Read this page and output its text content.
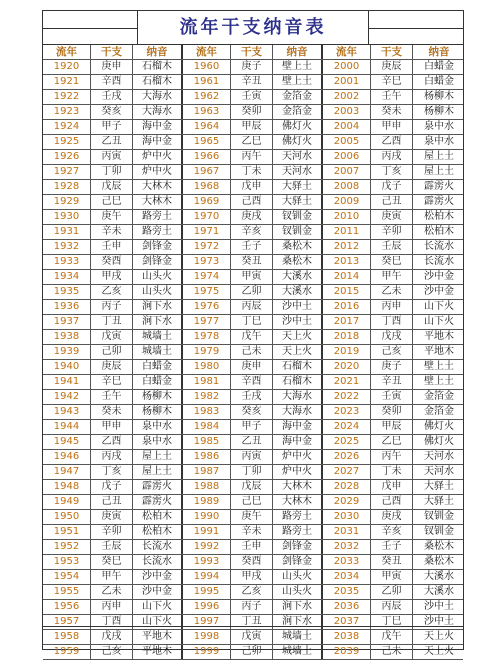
流年干支纳音表
流年	干支	纳音	流年	干支	纳音	流年	干支	纳音
1920	庚申	石榴木	1960	庚子	壁上土	2000	庚辰	白蜡金
1921	辛酉	石榴木	1961	辛丑	壁上土	2001	辛巳	白蜡金
1922	壬戌	大海水	1962	壬寅	金箔金	2002	壬午	杨柳木
1923	癸亥	大海水	1963	癸卯	金箔金	2003	癸未	杨柳木
1924	甲子	海中金	1964	甲辰	佛灯火	2004	甲申	泉中水
1925	乙丑	海中金	1965	乙巳	佛灯火	2005	乙酉	泉中水
1926	丙寅	炉中火	1966	丙午	天河水	2006	丙戌	屋上土
1927	丁卯	炉中火	1967	丁未	天河水	2007	丁亥	屋上土
1928	戊辰	大林木	1968	戊申	大驿土	2008	戊子	霹雳火
1929	己巳	大林木	1969	己酉	大驿土	2009	己丑	霹雳火
1930	庚午	路旁土	1970	庚戌	钗钏金	2010	庚寅	松柏木
1931	辛未	路旁土	1971	辛亥	钗钏金	2011	辛卯	松柏木
1932	壬申	剑锋金	1972	壬子	桑松木	2012	壬辰	长流水
1933	癸酉	剑锋金	1973	癸丑	桑松木	2013	癸巳	长流水
1934	甲戌	山头火	1974	甲寅	大溪水	2014	甲午	沙中金
1935	乙亥	山头火	1975	乙卯	大溪水	2015	乙未	沙中金
1936	丙子	涧下水	1976	丙辰	沙中土	2016	丙申	山下火
1937	丁丑	涧下水	1977	丁巳	沙中土	2017	丁酉	山下火
1938	戊寅	城墙土	1978	戊午	天上火	2018	戊戌	平地木
1939	己卯	城墙土	1979	己未	天上火	2019	己亥	平地木
1940	庚辰	白蜡金	1980	庚申	石榴木	2020	庚子	壁上土
1941	辛巳	白蜡金	1981	辛酉	石榴木	2021	辛丑	壁上土
1942	壬午	杨柳木	1982	壬戌	大海水	2022	壬寅	金箔金
1943	癸未	杨柳木	1983	癸亥	大海水	2023	癸卯	金箔金
1944	甲申	泉中水	1984	甲子	海中金	2024	甲辰	佛灯火
1945	乙酉	泉中水	1985	乙丑	海中金	2025	乙巳	佛灯火
1946	丙戌	屋上土	1986	丙寅	炉中火	2026	丙午	天河水
1947	丁亥	屋上土	1987	丁卯	炉中火	2027	丁未	天河水
1948	戊子	霹雳火	1988	戊辰	大林木	2028	戊申	大驿土
1949	己丑	霹雳火	1989	己巳	大林木	2029	己酉	大驿土
1950	庚寅	松柏木	1990	庚午	路旁土	2030	庚戌	钗钏金
1951	辛卯	松柏木	1991	辛未	路旁土	2031	辛亥	钗钏金
1952	壬辰	长流水	1992	壬申	剑锋金	2032	壬子	桑松木
1953	癸巳	长流水	1993	癸酉	剑锋金	2033	癸丑	桑松木
1954	甲午	沙中金	1994	甲戌	山头火	2034	甲寅	大溪水
1955	乙未	沙中金	1995	乙亥	山头火	2035	乙卯	大溪水
1956	丙申	山下火	1996	丙子	涧下水	2036	丙辰	沙中土
1957	丁酉	山下火	1997	丁丑	涧下水	2037	丁巳	沙中土
1958	戊戌	平地木	1998	戊寅	城墙土	2038	戊午	天上火
1959	己亥	平地木	1999	己卯	城墙土	2039	己未	天上火
